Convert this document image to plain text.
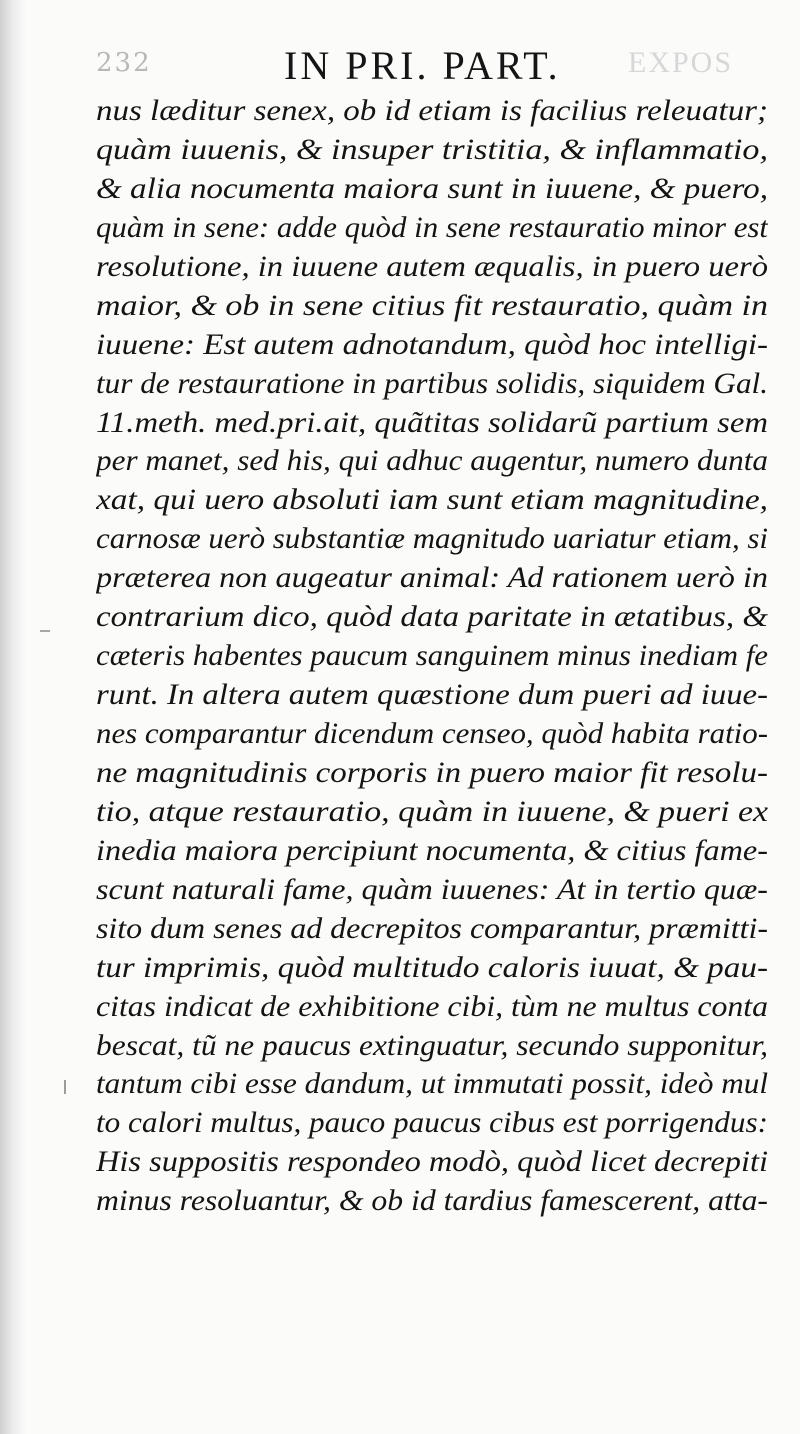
232	IN PRI. PART. EXPOS
nus læditur senex, ob id etiam is facilius releuatur;
quàm iuuenis, & insuper tristitia, & inflammatio,
& alia nocumenta maiora sunt in iuuene, & puero,
quàm in sene: adde quòd in sene restauratio minor est
resolutione, in iuuene autem æqualis, in puero uerò
maior, & ob in sene citius fit restauratio, quàm in
iuuene: Est autem adnotandum, quòd hoc intelligi-
tur de restauratione in partibus solidis, siquidem Gal.
11.meth. med.pri.ait, quãtitas solidarũ partium sem
per manet, sed his, qui adhuc augentur, numero dunta
xat, qui uero absoluti iam sunt etiam magnitudine,
carnosæ uerò substantiæ magnitudo uariatur etiam, si
præterea non augeatur animal: Ad rationem uerò in
contrarium dico, quòd data paritate in ætatibus, &
cæteris habentes paucum sanguinem minus inediam fe
runt. In altera autem quæstione dum pueri ad iuue-
nes comparantur dicendum censeo, quòd habita ratio-
ne magnitudinis corporis in puero maior fit resolu-
tio, atque restauratio, quàm in iuuene, & pueri ex
inedia maiora percipiunt nocumenta, & citius fame-
scunt naturali fame, quàm iuuenes: At in tertio quæ-
sito dum senes ad decrepitos comparantur, præmitti-
tur imprimis, quòd multitudo caloris iuuat, & pau-
citas indicat de exhibitione cibi, tùm ne multus conta
bescat, tũ ne paucus extinguatur, secundo supponitur,
tantum cibi esse dandum, ut immutati possit, ideò mul
to calori multus, pauco paucus cibus est porrigendus:
His suppositis respondeo modò, quòd licet decrepiti
minus resoluantur, & ob id tardius famescerent, atta-
